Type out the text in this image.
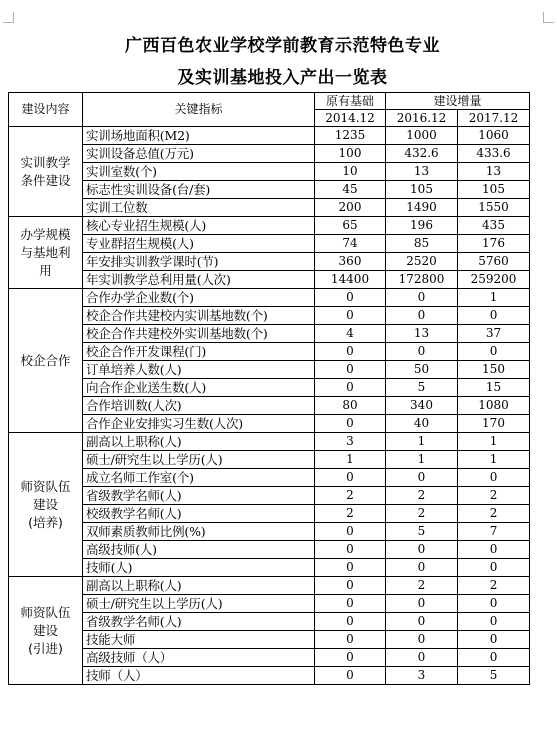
广西百色农业学校学前教育示范特色专业
及实训基地投入产出一览表
建设内容	关键指标	原有基础	建设增量	
		2014.12	2016.12	2017.12

实训教学
条件建设	实训场地面积(M2)	1235	1000	1060
	实训设备总值(万元)	100	432.6	433.6
	实训室数(个)	10	13	13
	标志性实训设备(台/套)	45	105	105
	实训工位数	200	1490	1550

办学规模
与基地利
用	核心专业招生规模(人)	65	196	435
	专业群招生规模(人)	74	85	176
	年安排实训教学课时(节)	360	2520	5760
	年实训教学总利用量(人次)	14400	172800	259200
校企合作	合作办学企业数(个)	0	0	1
	校企合作共建校内实训基地数(个)	0	0	0
	校企合作共建校外实训基地数(个)	4	13	37
	校企合作开发课程(门)	0	0	0
	订单培养人数(人)	0	50	150
	向合作企业送生数(人)	0	5	15
	合作培训数(人次)	80	340	1080
	合作企业安排实习生数(人次)	0	40	170

师资队伍
建设
(培养)	副高以上职称(人)	3	1	1
	硕士/研究生以上学历(人)	1	1	1
	成立名师工作室(个)	0	0	0
	省级教学名师(人)	2	2	2
	校级教学名师(人)	2	2	2
	双师素质教师比例(%)	0	5	7
	高级技师(人)	0	0	0
	技师(人)	0	0	0

师资队伍
建设
(引进)	副高以上职称(人)	0	2	2
	硕士/研究生以上学历(人)	0	0	0
	省级教学名师(人)	0	0	0
	技能大师	0	0	0
	高级技师（人）	0	0	0
	技师（人）	0	3	5
